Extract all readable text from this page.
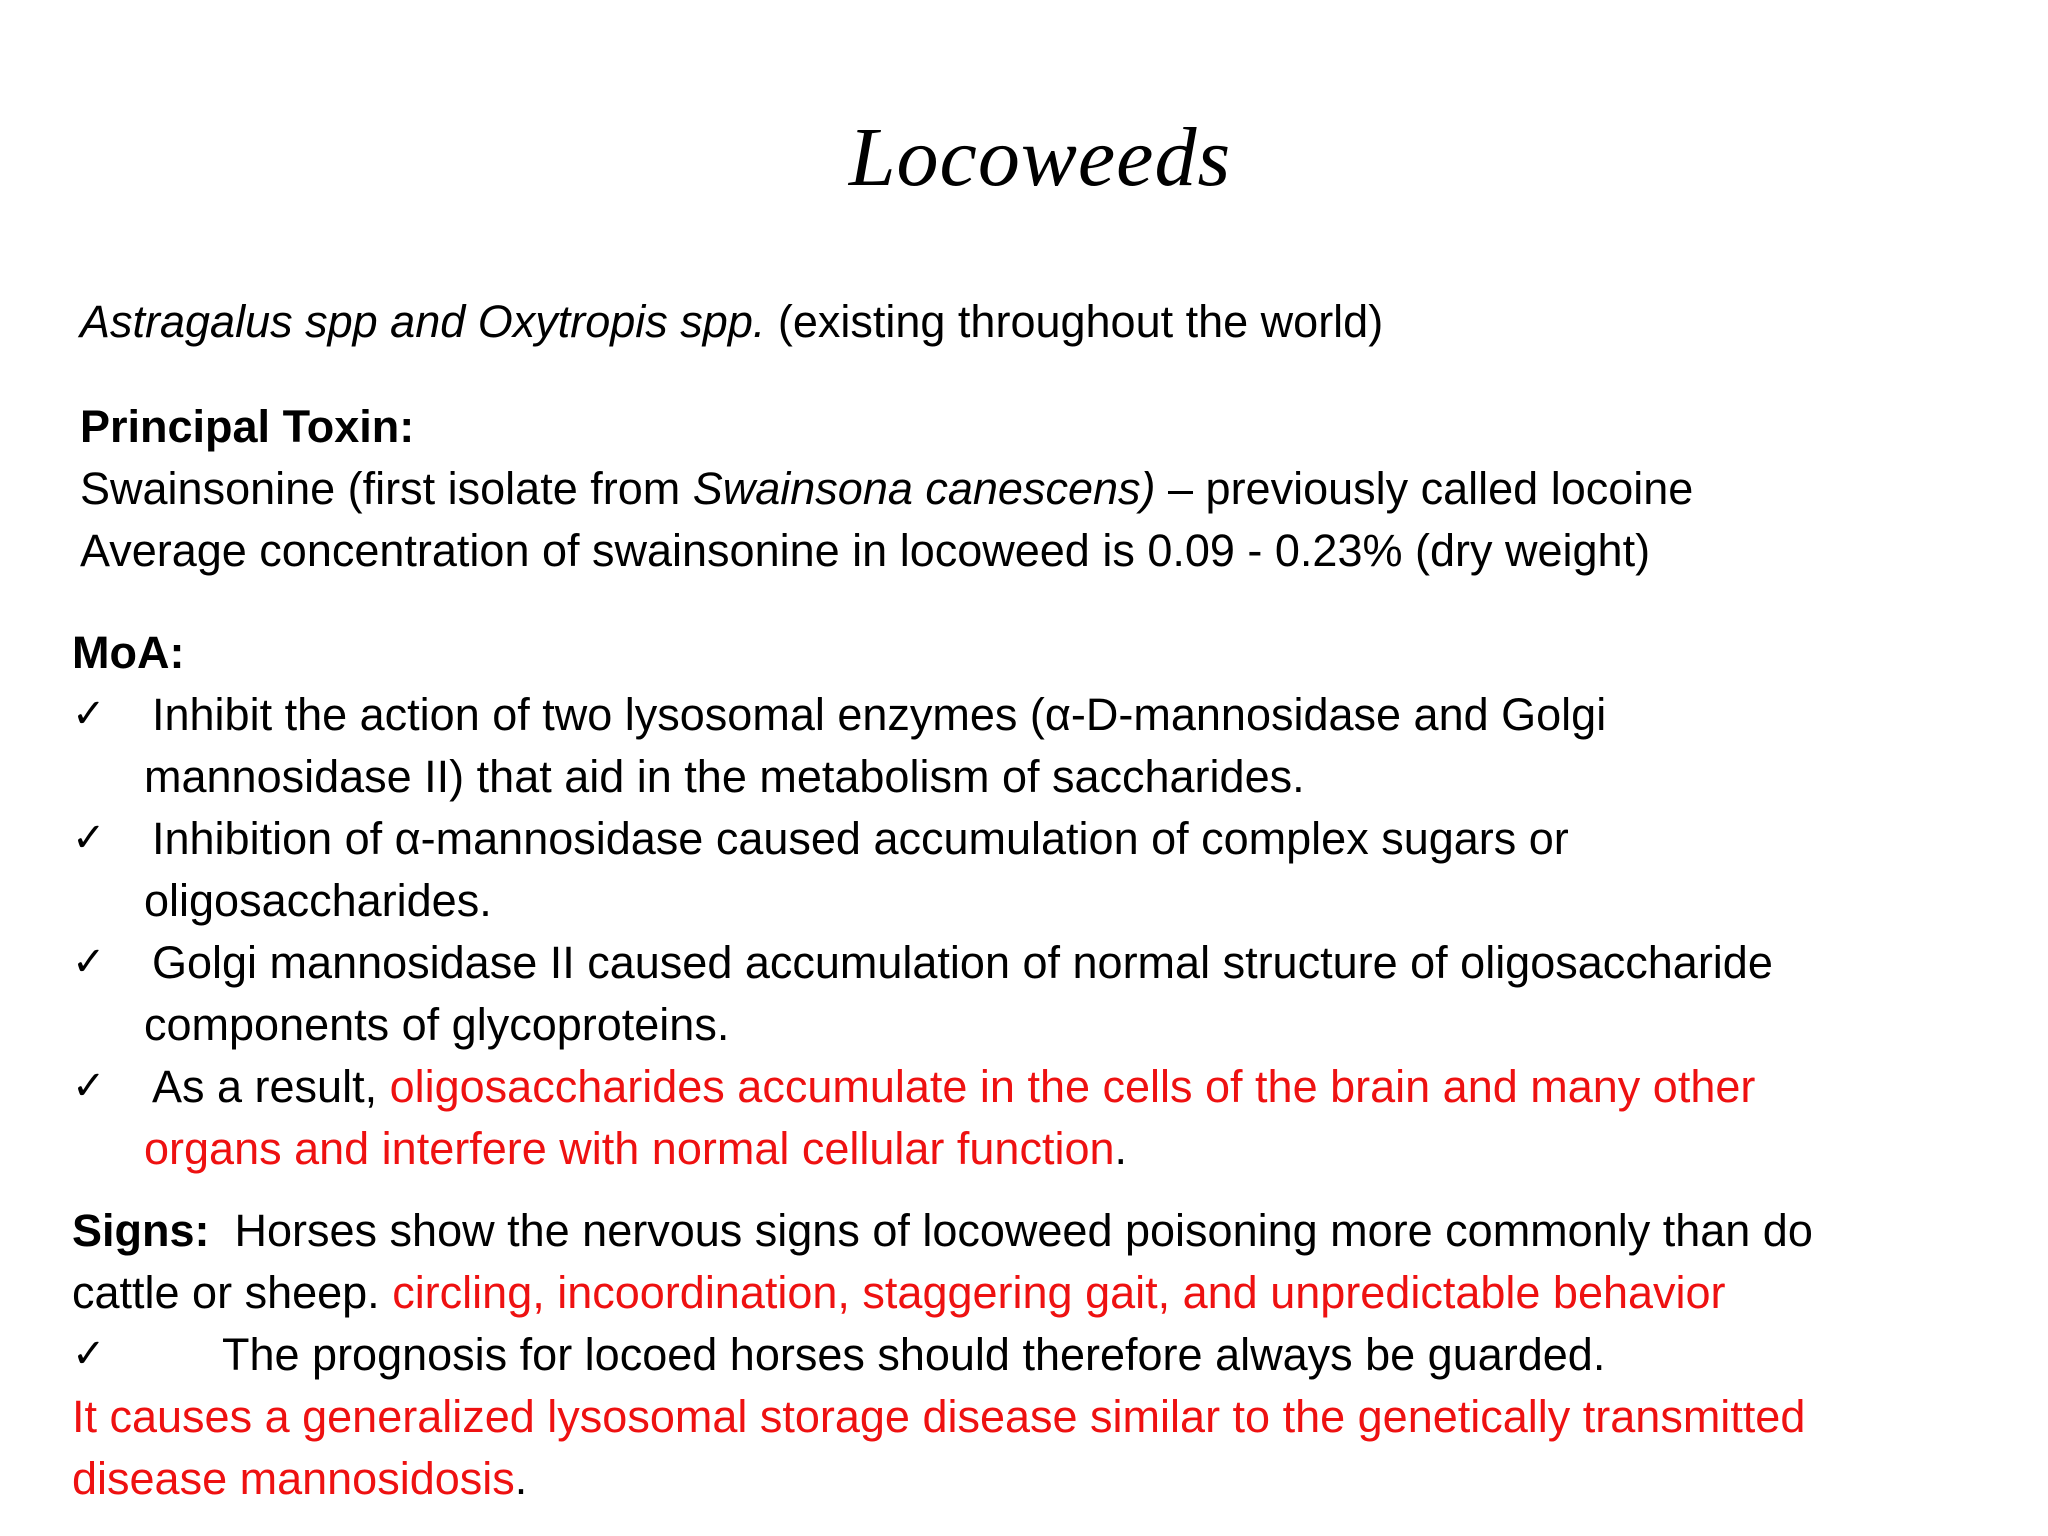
Locoweeds
Astragalus spp and Oxytropis spp. (existing throughout the world)
Principal Toxin:
Swainsonine (first isolate from Swainsona canescens) – previously called locoine
Average concentration of swainsonine in locoweed is 0.09 - 0.23% (dry weight)
MoA:
✓ Inhibit the action of two lysosomal enzymes (α-D-mannosidase and Golgi
mannosidase II) that aid in the metabolism of saccharides.
✓ Inhibition of α-mannosidase caused accumulation of complex sugars or
oligosaccharides.
✓ Golgi mannosidase II caused accumulation of normal structure of oligosaccharide
components of glycoproteins.
✓ As a result, oligosaccharides accumulate in the cells of the brain and many other
organs and interfere with normal cellular function.
Signs:  Horses show the nervous signs of locoweed poisoning more commonly than do
cattle or sheep. circling, incoordination, staggering gait, and unpredictable behavior
✓	The prognosis for locoed horses should therefore always be guarded.
It causes a generalized lysosomal storage disease similar to the genetically transmitted
disease mannosidosis.
